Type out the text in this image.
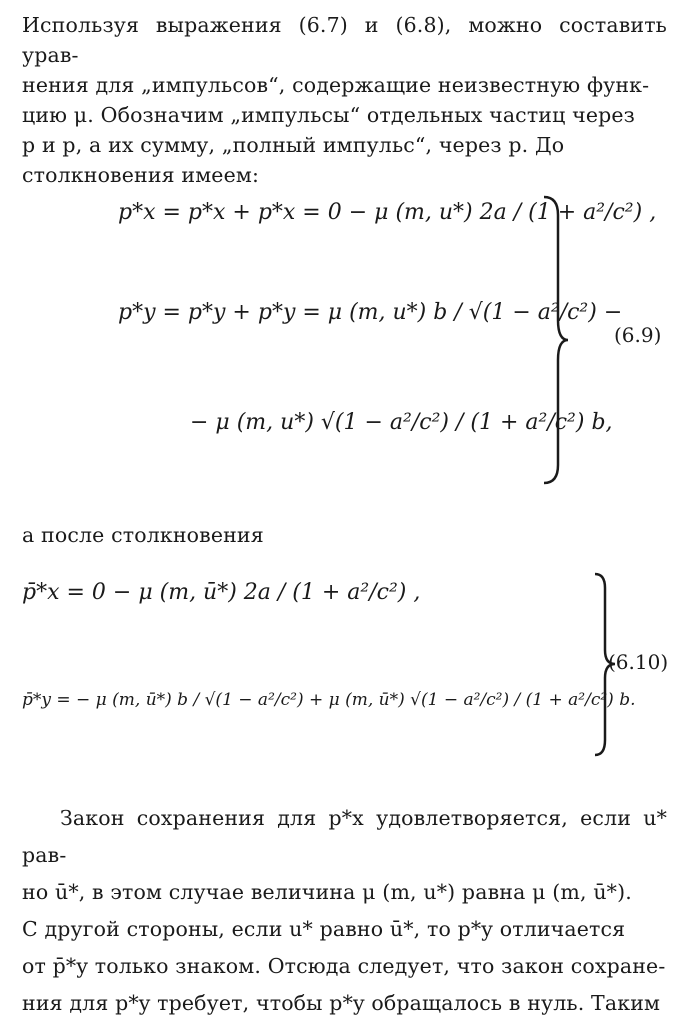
Используя выражения (6.7) и (6.8), можно составить урав-

нения для „импульсов“, содержащие неизвестную функ-

цию μ. Обозначим „импульсы“ отдельных частиц через

p и p, а их сумму, „полный импульс“, через p. До

столкновения имеем:

p*x = p*x + p*x = 0 − μ (m, u*) 2a / (1 + a²/c²) ,
p*y = p*y + p*y = μ (m, u*) b / √(1 − a²/c²) −
− μ (m, u*) √(1 − a²/c²) / (1 + a²/c²) b,
(6.9)

а после столкновения

p̄*x = 0 − μ (m, ū*) 2a / (1 + a²/c²) ,
p̄*y = − μ (m, ū*) b / √(1 − a²/c²) + μ (m, ū*) √(1 − a²/c²) / (1 + a²/c²) b.
(6.10)

Закон сохранения для p*x удовлетворяется, если u* рав-

но ū*, в этом случае величина μ (m, u*) равна μ (m, ū*).

С другой стороны, если u* равно ū*, то p*y отличается

от p̄*y только знаком. Отсюда следует, что закон сохране-

ния для p*y требует, чтобы p*y обращалось в нуль. Таким
